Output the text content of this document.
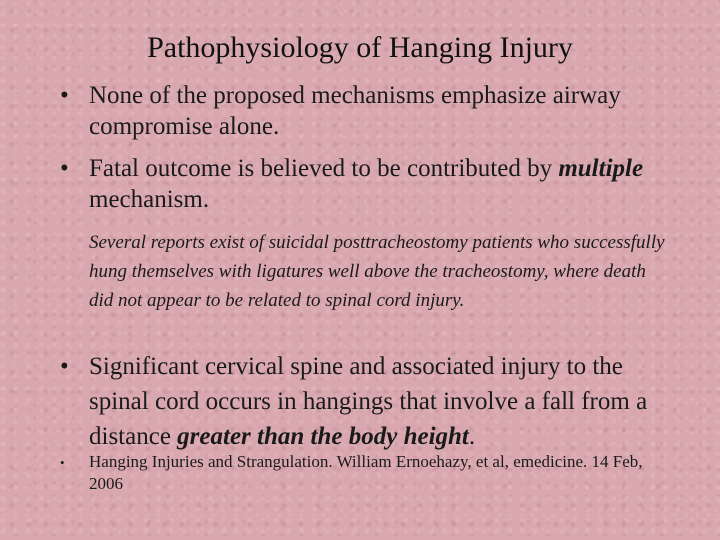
Pathophysiology of Hanging Injury
• None of the proposed mechanisms emphasize airway compromise alone.
• Fatal outcome is believed to be contributed by multiple mechanism.
Several reports exist of suicidal posttracheostomy patients who successfully hung themselves with ligatures well above the tracheostomy, where death did not appear to be related to spinal cord injury.
• Significant cervical spine and associated injury to the spinal cord occurs in hangings that involve a fall from a distance greater than the body height.
• Hanging Injuries and Strangulation. William Ernoehazy, et al, emedicine. 14 Feb, 2006
